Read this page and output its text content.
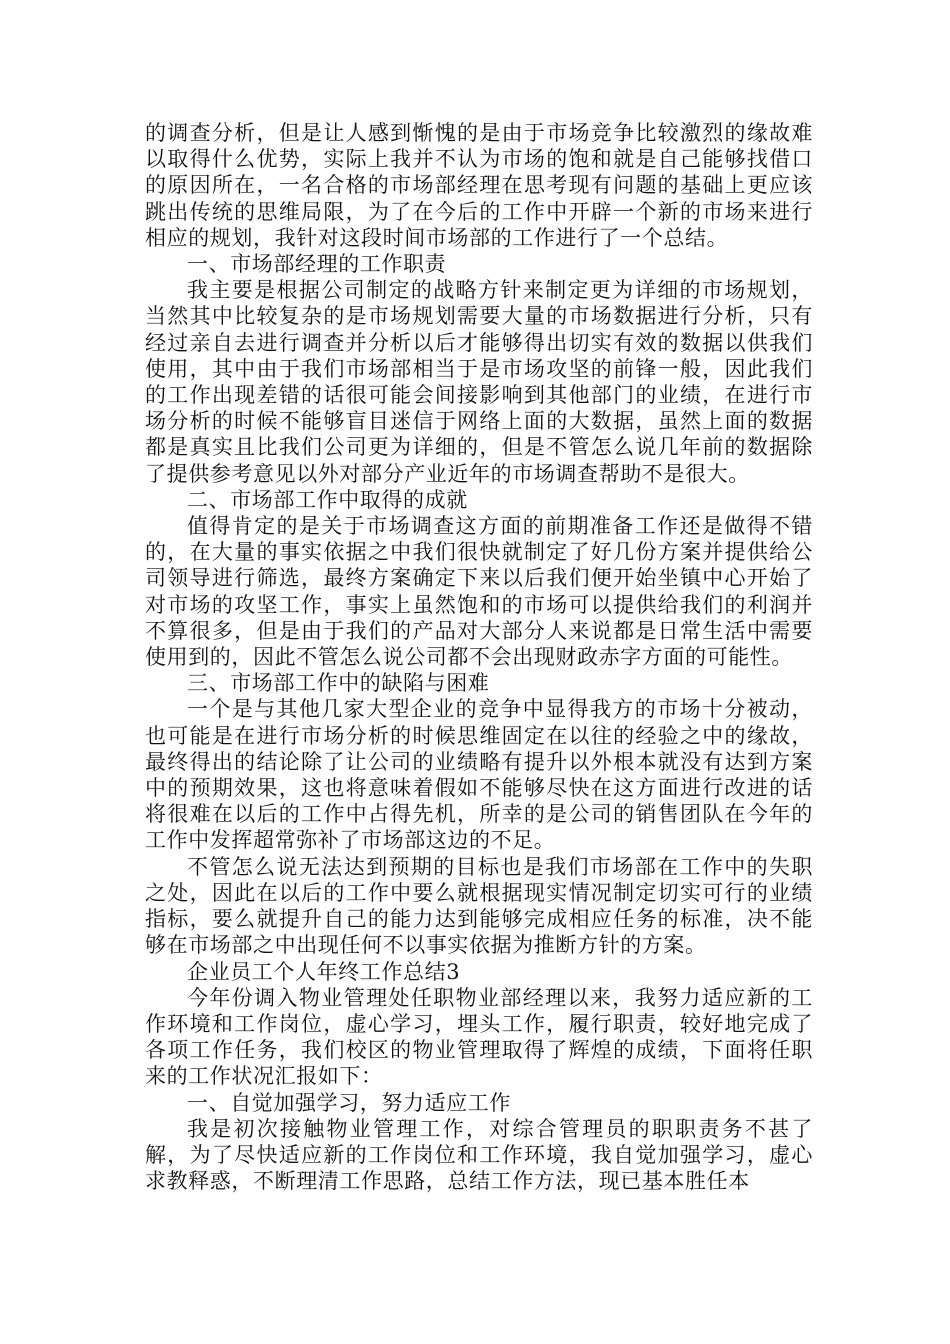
的调查分析，但是让人感到惭愧的是由于市场竞争比较激烈的缘故难以取得什么优势，实际上我并不认为市场的饱和就是自己能够找借口的原因所在，一名合格的市场部经理在思考现有问题的基础上更应该跳出传统的思维局限，为了在今后的工作中开辟一个新的市场来进行相应的规划，我针对这段时间市场部的工作进行了一个总结。

一、市场部经理的工作职责

我主要是根据公司制定的战略方针来制定更为详细的市场规划，当然其中比较复杂的是市场规划需要大量的市场数据进行分析，只有经过亲自去进行调查并分析以后才能够得出切实有效的数据以供我们使用，其中由于我们市场部相当于是市场攻坚的前锋一般，因此我们的工作出现差错的话很可能会间接影响到其他部门的业绩，在进行市场分析的时候不能够盲目迷信于网络上面的大数据，虽然上面的数据都是真实且比我们公司更为详细的，但是不管怎么说几年前的数据除了提供参考意见以外对部分产业近年的市场调查帮助不是很大。

二、市场部工作中取得的成就

值得肯定的是关于市场调查这方面的前期准备工作还是做得不错的，在大量的事实依据之中我们很快就制定了好几份方案并提供给公司领导进行筛选，最终方案确定下来以后我们便开始坐镇中心开始了对市场的攻坚工作，事实上虽然饱和的市场可以提供给我们的利润并不算很多，但是由于我们的产品对大部分人来说都是日常生活中需要使用到的，因此不管怎么说公司都不会出现财政赤字方面的可能性。

三、市场部工作中的缺陷与困难

一个是与其他几家大型企业的竞争中显得我方的市场十分被动，也可能是在进行市场分析的时候思维固定在以往的经验之中的缘故，最终得出的结论除了让公司的业绩略有提升以外根本就没有达到方案中的预期效果，这也将意味着假如不能够尽快在这方面进行改进的话将很难在以后的工作中占得先机，所幸的是公司的销售团队在今年的工作中发挥超常弥补了市场部这边的不足。

不管怎么说无法达到预期的目标也是我们市场部在工作中的失职之处，因此在以后的工作中要么就根据现实情况制定切实可行的业绩指标，要么就提升自己的能力达到能够完成相应任务的标准，决不能够在市场部之中出现任何不以事实依据为推断方针的方案。

企业员工个人年终工作总结3

今年份调入物业管理处任职物业部经理以来，我努力适应新的工作环境和工作岗位，虚心学习，埋头工作，履行职责，较好地完成了各项工作任务，我们校区的物业管理取得了辉煌的成绩，下面将任职来的工作状况汇报如下：

一、自觉加强学习，努力适应工作

我是初次接触物业管理工作，对综合管理员的职职责务不甚了解，为了尽快适应新的工作岗位和工作环境，我自觉加强学习，虚心求教释惑，不断理清工作思路，总结工作方法，现已基本胜任本
